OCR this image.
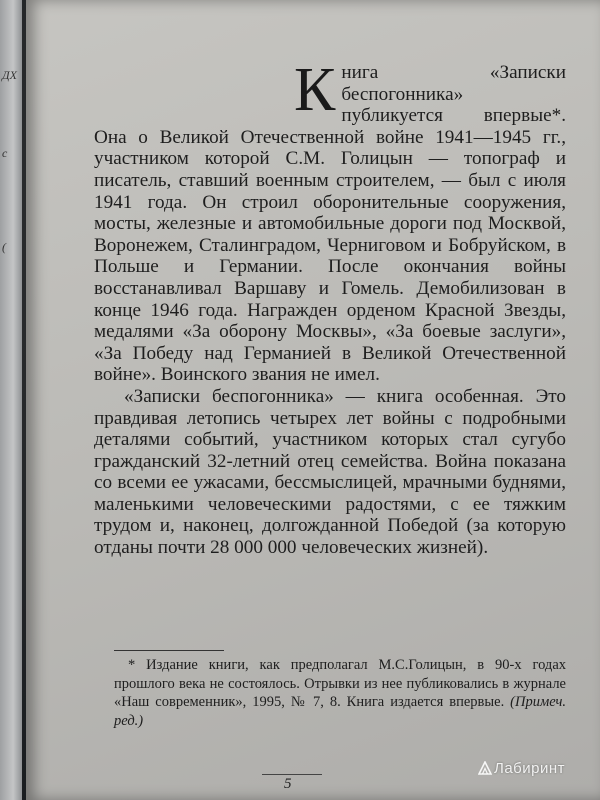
ДХ
с
(

Книга «Записки беспогонника» публикуется впервые*. Она о Великой Отечественной войне 1941—1945 гг., участником которой С.М. Голицын — топограф и писатель, ставший военным строителем, — был с июля 1941 года. Он строил оборонительные сооружения, мосты, железные и автомобильные дороги под Москвой, Воронежем, Сталинградом, Черниговом и Бобруйском, в Польше и Германии. После окончания войны восстанавливал Варшаву и Гомель. Демобилизован в конце 1946 года. Награжден орденом Красной Звезды, медалями «За оборону Москвы», «За боевые заслуги», «За Победу над Германией в Великой Отечественной войне». Воинского звания не имел.

«Записки беспогонника» — книга особенная. Это правдивая летопись четырех лет войны с подробными деталями событий, участником которых стал сугубо гражданский 32-летний отец семейства. Война показана со всеми ее ужасами, бессмыслицей, мрачными буднями, маленькими человеческими радостями, с ее тяжким трудом и, наконец, долгожданной Победой (за которую отданы почти 28 000 000 человеческих жизней).

* Издание книги, как предполагал М.С.Голицын, в 90-х годах прошлого века не состоялось. Отрывки из нее публиковались в журнале «Наш современник», 1995, № 7, 8. Книга издается впервые. (Примеч. ред.)
5
Лабиринт
